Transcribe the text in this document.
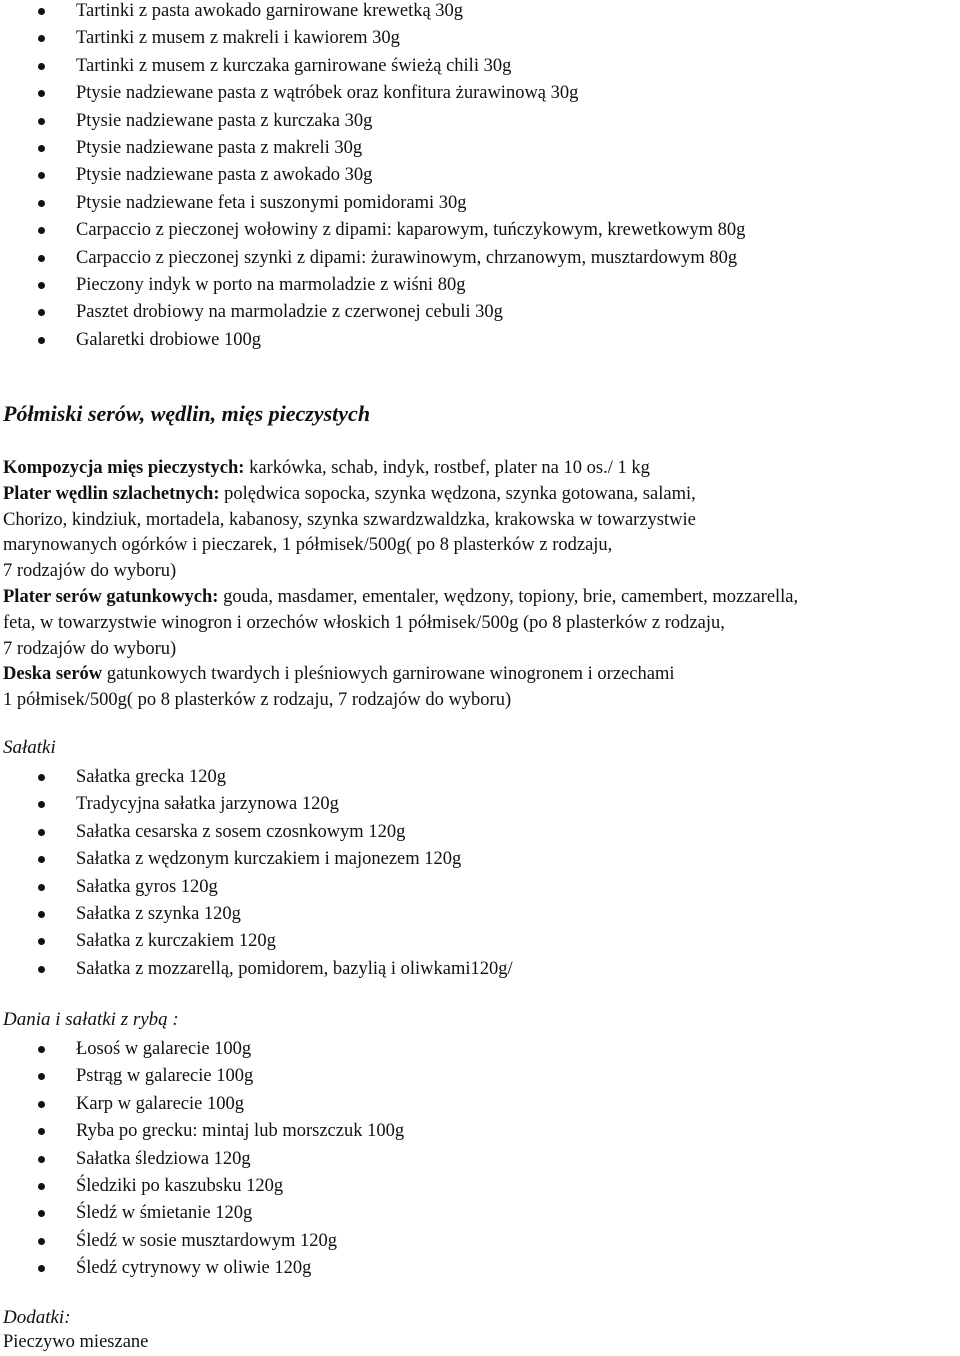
Tartinki z pasta awokado garnirowane krewetką 30g
Tartinki z musem z makreli i kawiorem 30g
Tartinki z musem z kurczaka garnirowane świeżą chili 30g
Ptysie nadziewane pasta z wątróbek oraz konfitura żurawinową 30g
Ptysie nadziewane pasta z kurczaka 30g
Ptysie nadziewane pasta z makreli 30g
Ptysie nadziewane pasta z awokado 30g
Ptysie nadziewane feta i suszonymi pomidorami 30g
Carpaccio z pieczonej wołowiny z dipami: kaparowym, tuńczykowym, krewetkowym 80g
Carpaccio z pieczonej szynki z dipami: żurawinowym, chrzanowym, musztardowym 80g
Pieczony indyk w porto na marmoladzie z wiśni 80g
Pasztet drobiowy na marmoladzie z czerwonej cebuli 30g
Galaretki drobiowe 100g
Półmiski serów, wędlin, mięs pieczystych
Kompozycja mięs pieczystych: karkówka, schab, indyk, rostbef, plater na 10 os./ 1 kg
Plater wędlin szlachetnych: polędwica sopocka, szynka wędzona, szynka gotowana, salami,
Chorizo, kindziuk, mortadela, kabanosy, szynka szwardzwaldzka, krakowska w towarzystwie
marynowanych ogórków i pieczarek, 1 półmisek/500g( po 8 plasterków z rodzaju,
7 rodzajów do wyboru)
Plater serów gatunkowych: gouda, masdamer, ementaler, wędzony, topiony, brie, camembert, mozzarella,
feta, w towarzystwie winogron i orzechów włoskich 1 półmisek/500g (po 8 plasterków z rodzaju,
7 rodzajów do wyboru)
Deska serów gatunkowych twardych i pleśniowych garnirowane winogronem i orzechami
1 półmisek/500g( po 8 plasterków z rodzaju, 7 rodzajów do wyboru)
Sałatki
Sałatka grecka 120g
Tradycyjna sałatka jarzynowa 120g
Sałatka cesarska z sosem czosnkowym 120g
Sałatka z wędzonym kurczakiem i majonezem 120g
Sałatka gyros 120g
Sałatka z szynka 120g
Sałatka z kurczakiem 120g
Sałatka z mozzarellą, pomidorem, bazylią i oliwkami120g/
Dania i sałatki z rybą :
Łosoś w galarecie 100g
Pstrąg w galarecie 100g
Karp w galarecie 100g
Ryba po grecku: mintaj lub morszczuk 100g
Sałatka śledziowa 120g
Śledziki po kaszubsku 120g
Śledź w śmietanie 120g
Śledź w sosie musztardowym 120g
Śledź cytrynowy w oliwie 120g
Dodatki:
Pieczywo mieszane
